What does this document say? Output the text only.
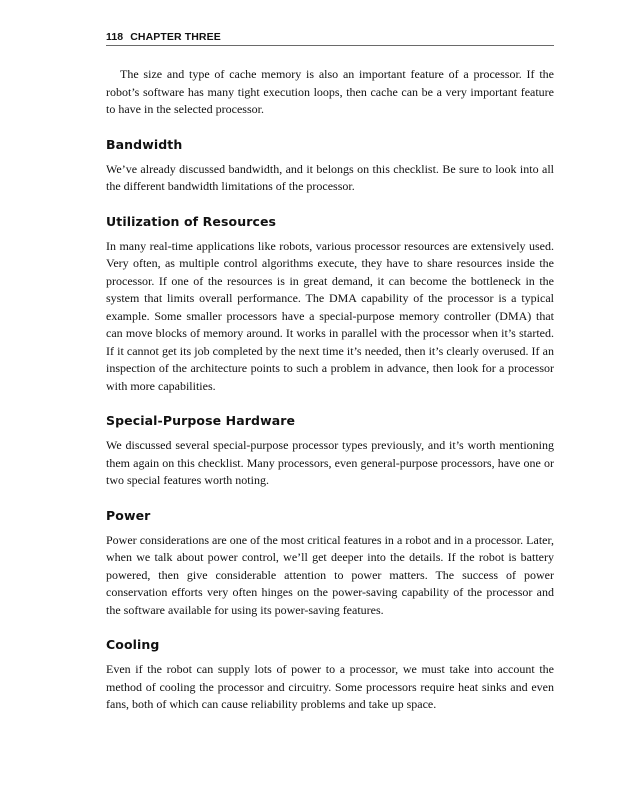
118 CHAPTER THREE

The size and type of cache memory is also an important feature of a processor. If the robot’s software has many tight execution loops, then cache can be a very important feature to have in the selected processor.

Bandwidth

We’ve already discussed bandwidth, and it belongs on this checklist. Be sure to look into all the different bandwidth limitations of the processor.

Utilization of Resources

In many real-time applications like robots, various processor resources are extensively used. Very often, as multiple control algorithms execute, they have to share resources inside the processor. If one of the resources is in great demand, it can become the bottleneck in the system that limits overall performance. The DMA capability of the processor is a typical example. Some smaller processors have a special-purpose memory controller (DMA) that can move blocks of memory around. It works in parallel with the processor when it’s started. If it cannot get its job completed by the next time it’s needed, then it’s clearly overused. If an inspection of the architecture points to such a problem in advance, then look for a processor with more capabilities.

Special-Purpose Hardware

We discussed several special-purpose processor types previously, and it’s worth mentioning them again on this checklist. Many processors, even general-purpose processors, have one or two special features worth noting.

Power

Power considerations are one of the most critical features in a robot and in a processor. Later, when we talk about power control, we’ll get deeper into the details. If the robot is battery powered, then give considerable attention to power matters. The success of power conservation efforts very often hinges on the power-saving capability of the processor and the software available for using its power-saving features.

Cooling

Even if the robot can supply lots of power to a processor, we must take into account the method of cooling the processor and circuitry. Some processors require heat sinks and even fans, both of which can cause reliability problems and take up space.
